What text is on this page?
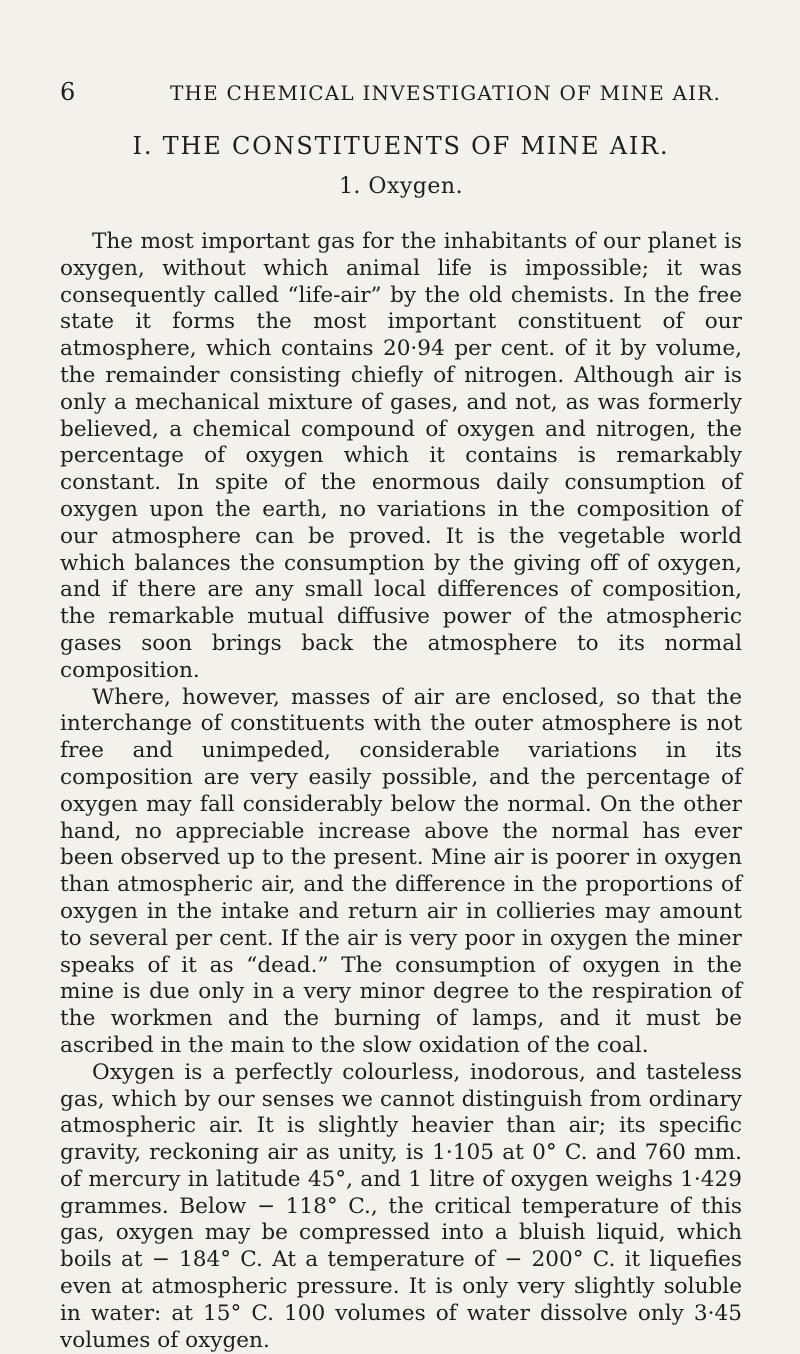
6	THE CHEMICAL INVESTIGATION OF MINE AIR.
I. THE CONSTITUENTS OF MINE AIR.
1. Oxygen.

The most important gas for the inhabitants of our planet is oxygen, without which animal life is impossible; it was consequently called “life-air” by the old chemists. In the free state it forms the most important constituent of our atmosphere, which contains 20·94 per cent. of it by volume, the remainder consisting chiefly of nitrogen. Although air is only a mechanical mixture of gases, and not, as was formerly believed, a chemical compound of oxygen and nitrogen, the percentage of oxygen which it contains is remarkably constant. In spite of the enormous daily consumption of oxygen upon the earth, no variations in the composition of our atmosphere can be proved. It is the vegetable world which balances the consumption by the giving off of oxygen, and if there are any small local differences of composition, the remarkable mutual diffusive power of the atmospheric gases soon brings back the atmosphere to its normal composition.

Where, however, masses of air are enclosed, so that the interchange of constituents with the outer atmosphere is not free and unimpeded, considerable variations in its composition are very easily possible, and the percentage of oxygen may fall considerably below the normal. On the other hand, no appreciable increase above the normal has ever been observed up to the present. Mine air is poorer in oxygen than atmospheric air, and the difference in the proportions of oxygen in the intake and return air in collieries may amount to several per cent. If the air is very poor in oxygen the miner speaks of it as “dead.” The consumption of oxygen in the mine is due only in a very minor degree to the respiration of the workmen and the burning of lamps, and it must be ascribed in the main to the slow oxidation of the coal.

Oxygen is a perfectly colourless, inodorous, and tasteless gas, which by our senses we cannot distinguish from ordinary atmospheric air. It is slightly heavier than air; its specific gravity, reckoning air as unity, is 1·105 at 0° C. and 760 mm. of mercury in latitude 45°, and 1 litre of oxygen weighs 1·429 grammes. Below − 118° C., the critical temperature of this gas, oxygen may be compressed into a bluish liquid, which boils at − 184° C. At a temperature of − 200° C. it liquefies even at atmospheric pressure. It is only very slightly soluble in water: at 15° C. 100 volumes of water dissolve only 3·45 volumes of oxygen.
